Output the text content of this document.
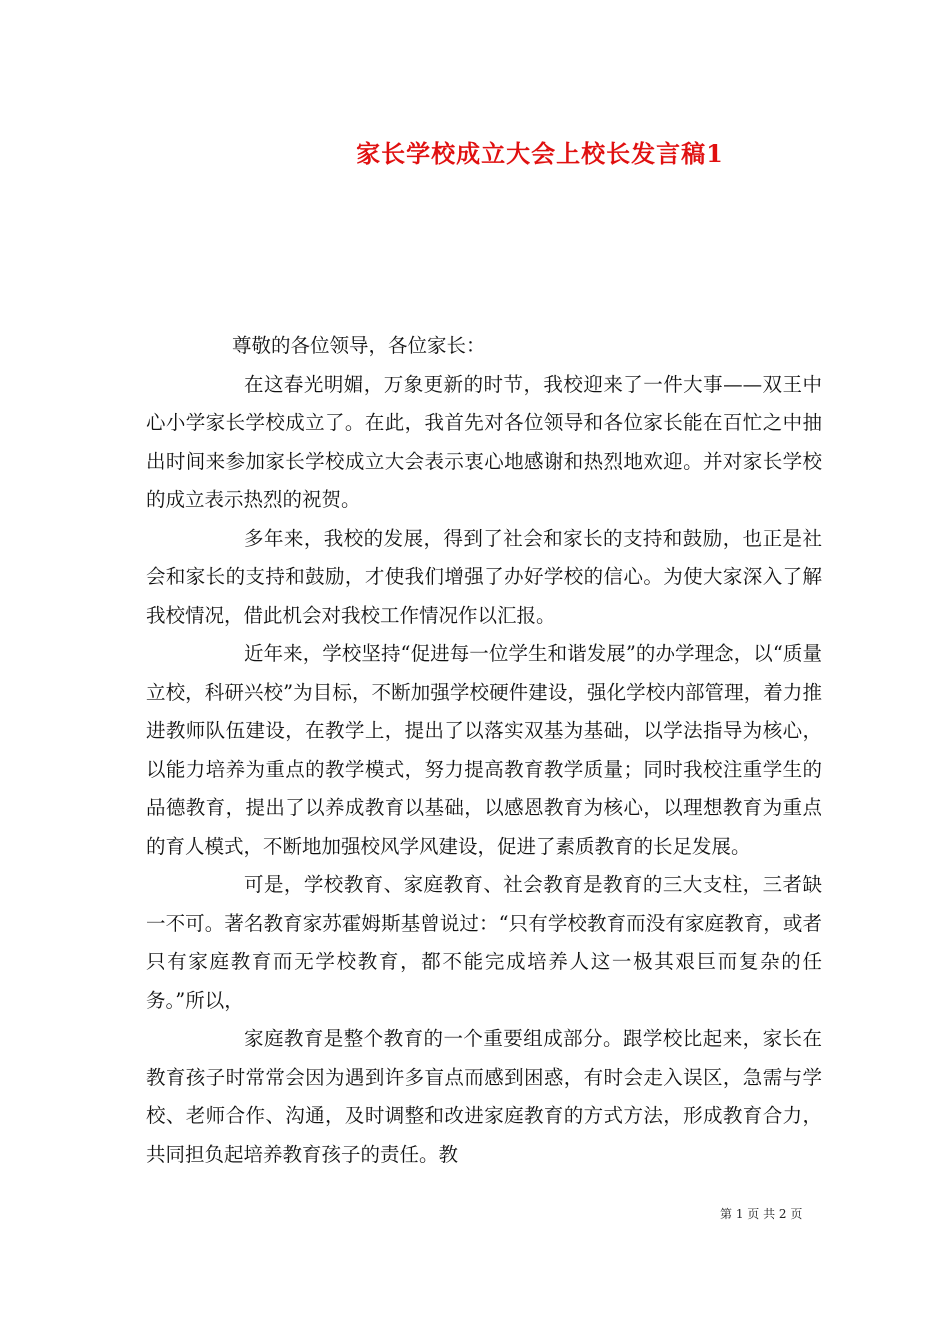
家长学校成立大会上校长发言稿1

尊敬的各位领导，各位家长：

在这春光明媚，万象更新的时节，我校迎来了一件大事——双王中心小学家长学校成立了。在此，我首先对各位领导和各位家长能在百忙之中抽出时间来参加家长学校成立大会表示衷心地感谢和热烈地欢迎。并对家长学校的成立表示热烈的祝贺。

多年来，我校的发展，得到了社会和家长的支持和鼓励，也正是社会和家长的支持和鼓励，才使我们增强了办好学校的信心。为使大家深入了解我校情况，借此机会对我校工作情况作以汇报。

近年来，学校坚持“促进每一位学生和谐发展”的办学理念，以“质量立校，科研兴校”为目标，不断加强学校硬件建设，强化学校内部管理，着力推进教师队伍建设，在教学上，提出了以落实双基为基础，以学法指导为核心，以能力培养为重点的教学模式，努力提高教育教学质量；同时我校注重学生的品德教育，提出了以养成教育以基础，以感恩教育为核心，以理想教育为重点的育人模式，不断地加强校风学风建设，促进了素质教育的长足发展。

可是，学校教育、家庭教育、社会教育是教育的三大支柱，三者缺一不可。著名教育家苏霍姆斯基曾说过：“只有学校教育而没有家庭教育，或者只有家庭教育而无学校教育，都不能完成培养人这一极其艰巨而复杂的任务。”所以，

家庭教育是整个教育的一个重要组成部分。跟学校比起来，家长在教育孩子时常常会因为遇到许多盲点而感到困惑，有时会走入误区，急需与学校、老师合作、沟通，及时调整和改进家庭教育的方式方法，形成教育合力，共同担负起培养教育孩子的责任。教

第 1 页 共 2 页
